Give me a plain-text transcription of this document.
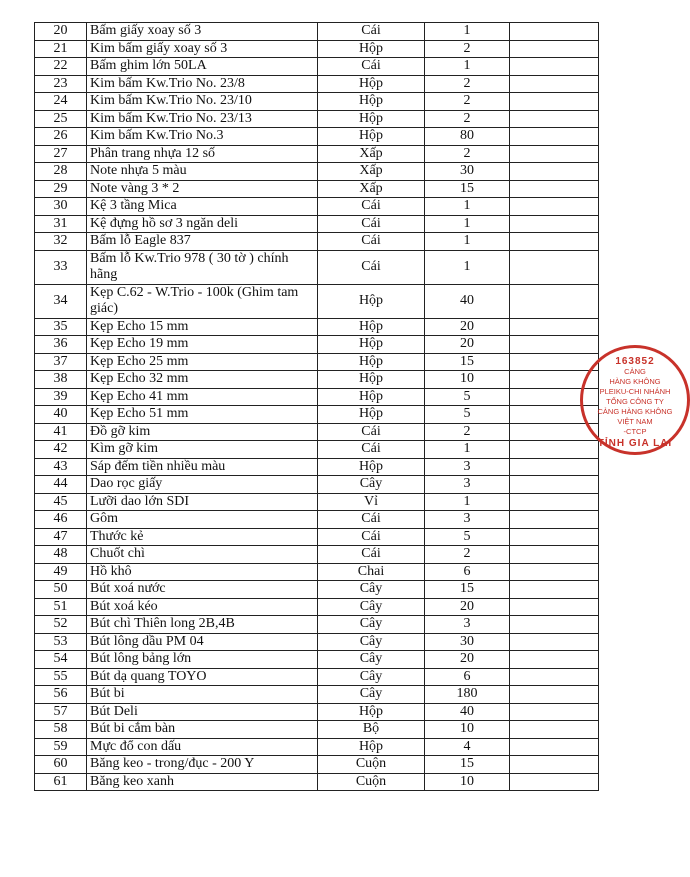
20	Bấm giấy xoay số 3	Cái	1	
21	Kim bấm giấy xoay số 3	Hộp	2	
22	Bấm ghim lớn 50LA	Cái	1	
23	Kim bấm Kw.Trio No. 23/8	Hộp	2	
24	Kim bấm Kw.Trio No. 23/10	Hộp	2	
25	Kim bấm Kw.Trio No. 23/13	Hộp	2	
26	Kim bấm Kw.Trio No.3	Hộp	80	
27	Phân trang nhựa 12 số	Xấp	2	
28	Note nhựa 5 màu	Xấp	30	
29	Note vàng 3 * 2	Xấp	15	
30	Kệ 3 tầng Mica	Cái	1	
31	Kệ đựng hồ sơ 3 ngăn deli	Cái	1	
32	Bấm lỗ Eagle 837	Cái	1	
33	Bấm lỗ Kw.Trio 978 ( 30 tờ ) chính hãng	Cái	1	
34	Kẹp C.62 - W.Trio - 100k (Ghim tam giác)	Hộp	40	
35	Kẹp Echo 15 mm	Hộp	20	
36	Kẹp Echo 19 mm	Hộp	20	
37	Kẹp Echo 25 mm	Hộp	15	
38	Kẹp Echo 32 mm	Hộp	10	
39	Kẹp Echo 41 mm	Hộp	5	
40	Kẹp Echo 51 mm	Hộp	5	
41	Đồ gỡ kim	Cái	2	
42	Kìm gỡ kim	Cái	1	
43	Sáp đếm tiền nhiều màu	Hộp	3	
44	Dao rọc giấy	Cây	3	
45	Lưỡi dao lớn SDI	Vỉ	1	
46	Gôm	Cái	3	
47	Thước kẻ	Cái	5	
48	Chuốt chì	Cái	2	
49	Hồ khô	Chai	6	
50	Bút xoá nước	Cây	15	
51	Bút xoá kéo	Cây	20	
52	Bút chì Thiên long 2B,4B	Cây	3	
53	Bút lông dầu PM 04	Cây	30	
54	Bút lông bảng lớn	Cây	20	
55	Bút dạ quang TOYO	Cây	6	
56	Bút bi	Cây	180	
57	Bút Deli	Hộp	40	
58	Bút bi cắm bàn	Bộ	10	
59	Mực đổ con dấu	Hộp	4	
60	Băng keo - trong/đục - 200 Y	Cuộn	15	
61	Băng keo xanh	Cuộn	10	
163852
CẢNG
HÀNG KHÔNG
PLEIKU-CHI NHÁNH
TỔNG CÔNG TY
CẢNG HÀNG KHÔNG
VIỆT NAM
-CTCP
TỈNH GIA LAI
